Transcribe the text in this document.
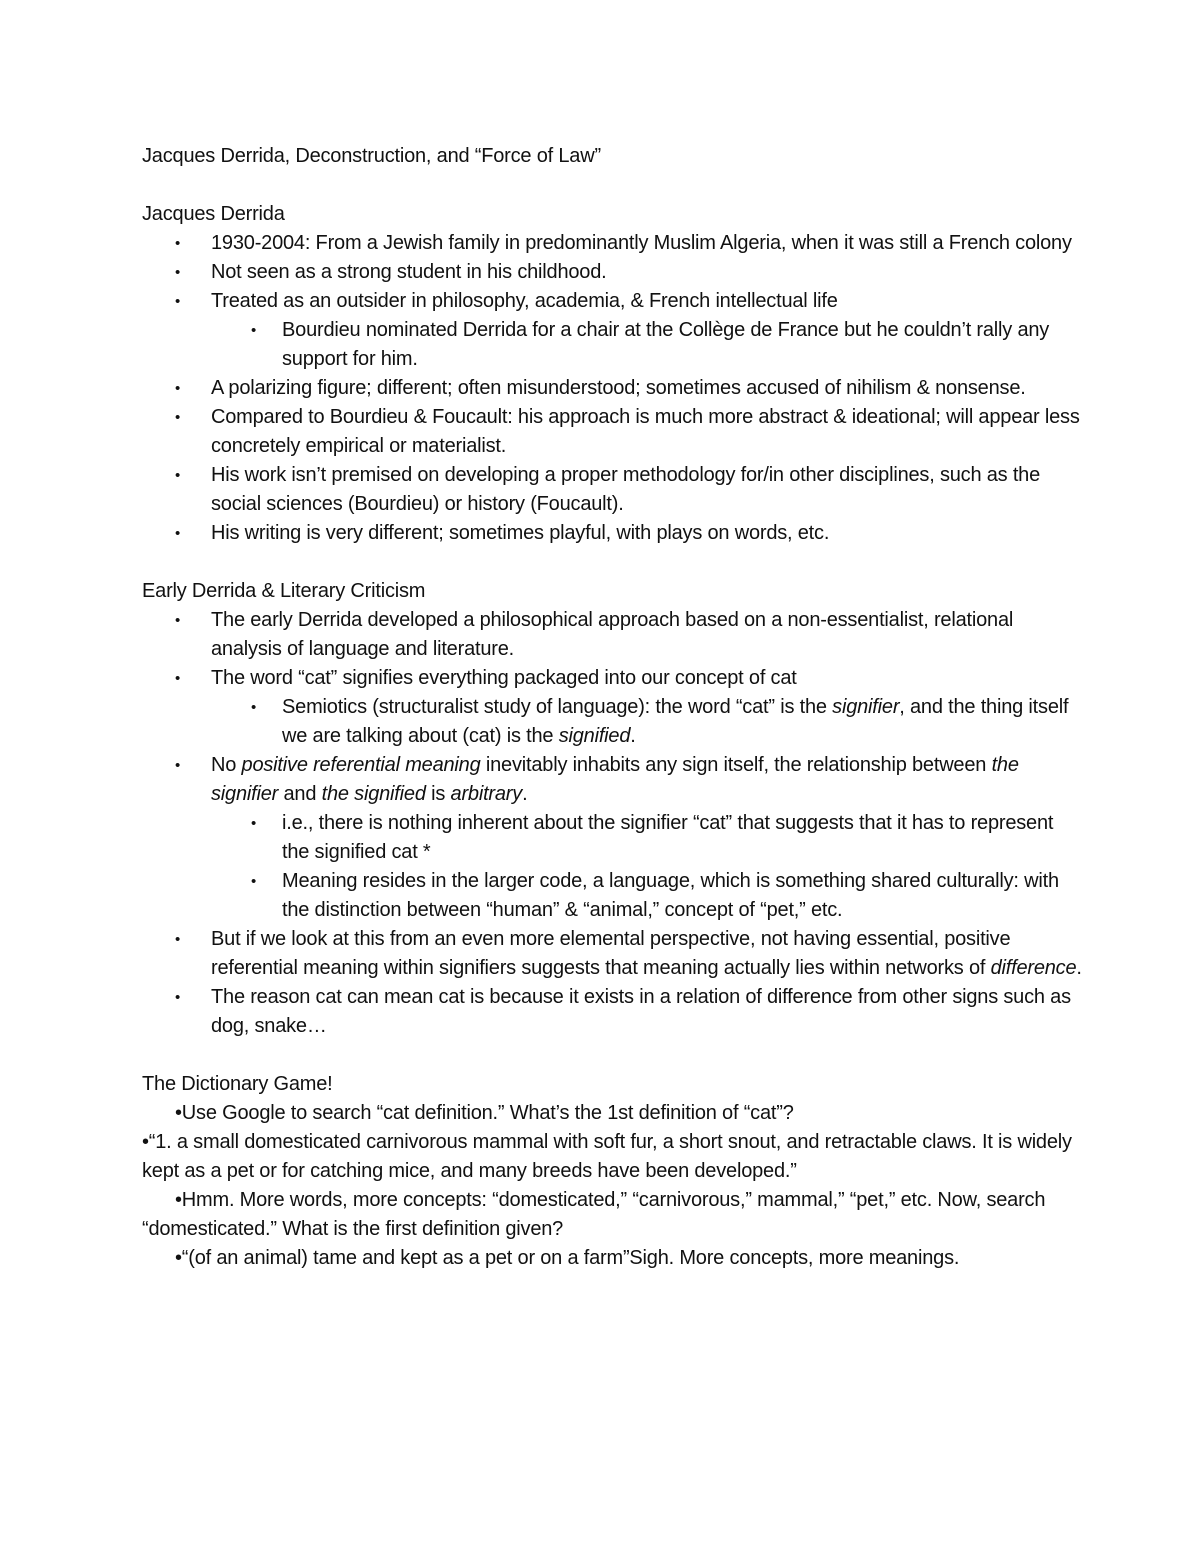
Jacques Derrida, Deconstruction, and “Force of Law”

Jacques Derrida

• 1930-2004: From a Jewish family in predominantly Muslim Algeria, when it was still a French colony
• Not seen as a strong student in his childhood.
• Treated as an outsider in philosophy, academia, & French intellectual life
• Bourdieu nominated Derrida for a chair at the Collège de France but he couldn’t rally any support for him.
• A polarizing figure; different; often misunderstood; sometimes accused of nihilism & nonsense.
• Compared to Bourdieu & Foucault: his approach is much more abstract & ideational; will appear less concretely empirical or materialist.
• His work isn’t premised on developing a proper methodology for/in other disciplines, such as the social sciences (Bourdieu) or history (Foucault).
• His writing is very different; sometimes playful, with plays on words, etc.

Early Derrida & Literary Criticism

• The early Derrida developed a philosophical approach based on a non-essentialist, relational analysis of language and literature.
• The word “cat” signifies everything packaged into our concept of cat
• Semiotics (structuralist study of language): the word “cat” is the signifier, and the thing itself we are talking about (cat) is the signified.
• No positive referential meaning inevitably inhabits any sign itself, the relationship between the signifier and the signified is arbitrary.
• i.e., there is nothing inherent about the signifier “cat” that suggests that it has to represent the signified cat *
• Meaning resides in the larger code, a language, which is something shared culturally: with the distinction between “human” & “animal,” concept of “pet,” etc.
• But if we look at this from an even more elemental perspective, not having essential, positive referential meaning within signifiers suggests that meaning actually lies within networks of difference.
• The reason cat can mean cat is because it exists in a relation of difference from other signs such as dog, snake…

The Dictionary Game!

•Use Google to search “cat definition.” What’s the 1st definition of “cat”?

•“1. a small domesticated carnivorous mammal with soft fur, a short snout, and retractable claws. It is widely kept as a pet or for catching mice, and many breeds have been developed.”

•Hmm. More words, more concepts: “domesticated,” “carnivorous,” mammal,” “pet,” etc. Now, search “domesticated.” What is the first definition given?

•“(of an animal) tame and kept as a pet or on a farm”Sigh. More concepts, more meanings.
